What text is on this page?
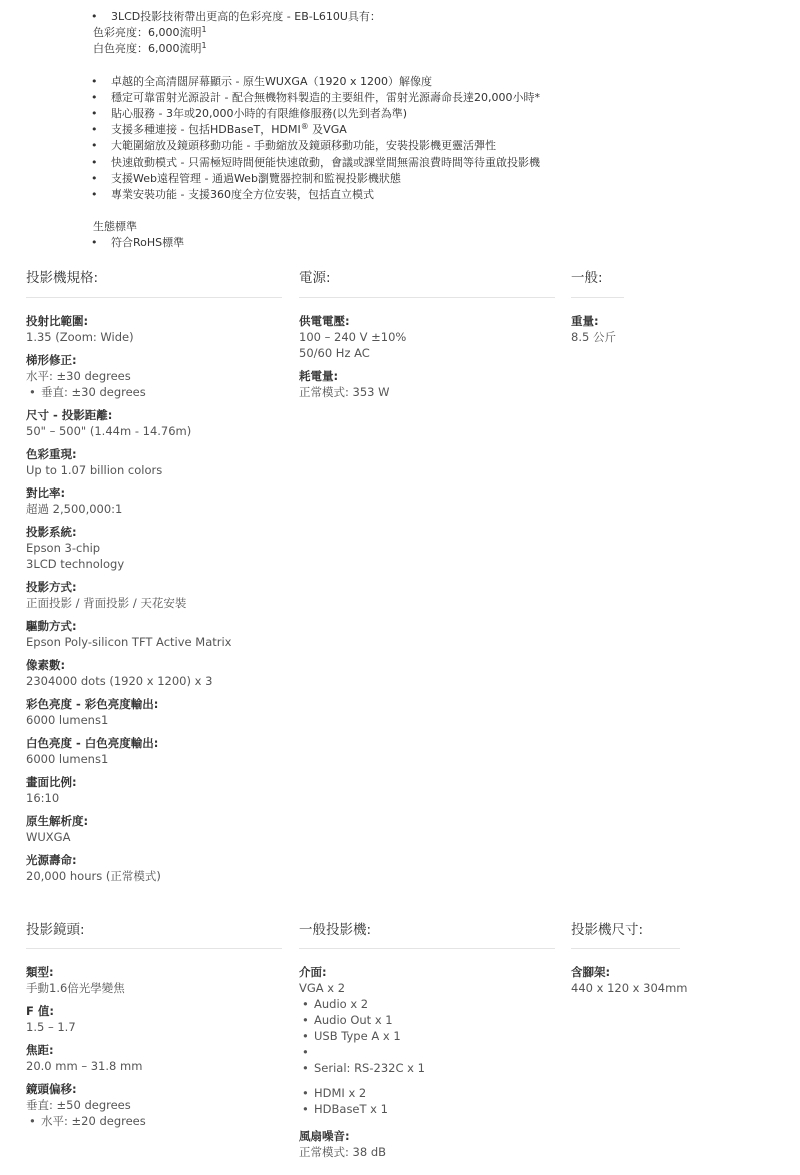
• 3LCD投影技術帶出更高的色彩亮度 - EB-L610U具有：
色彩亮度：6,000流明$^1$
白色亮度：6,000流明$^1$
• 卓越的全高清闊屏幕顯示 - 原生WUXGA（1920 x 1200）解像度
• 穩定可靠雷射光源設計 - 配合無機物料製造的主要組件，雷射光源壽命長達20,000小時*
• 貼心服務 - 3年或20,000小時的有限維修服務(以先到者為準)
• 支援多種連接 - 包括HDBaseT，HDMI® 及VGA
• 大範圍縮放及鏡頭移動功能 - 手動縮放及鏡頭移動功能，安裝投影機更靈活彈性
• 快速啟動模式 - 只需極短時間便能快速啟動，會議或課堂間無需浪費時間等待重啟投影機
• 支援Web遠程管理 - 通過Web瀏覽器控制和監視投影機狀態
• 專業安裝功能 - 支援360度全方位安裝，包括直立模式
生態標準
• 符合RoHS標準
投影機規格:	電源:	一般:
投射比範圍:
1.35 (Zoom: Wide)
梯形修正:
水平: ±30 degrees
• 垂直: ±30 degrees
尺寸 - 投影距離:
50" – 500" (1.44m - 14.76m)
色彩重現:
Up to 1.07 billion colors
對比率:
超過 2,500,000:1
投影系統:
Epson 3-chip
3LCD technology
投影方式:
正面投影 / 背面投影 / 天花安裝
驅動方式:
Epson Poly-silicon TFT Active Matrix
像素數:
2304000 dots (1920 x 1200) x 3
彩色亮度 - 彩色亮度輸出:
6000 lumens1
白色亮度 - 白色亮度輸出:
6000 lumens1
畫面比例:
16:10
原生解析度:
WUXGA
光源壽命:
20,000 hours (正常模式)
供電電壓:
100 – 240 V ±10%
50/60 Hz AC
耗電量:
正常模式: 353 W
重量:
8.5 公斤
投影鏡頭:	一般投影機:	投影機尺寸:
類型:
手動1.6倍光學變焦
F 值:
1.5 – 1.7
焦距:
20.0 mm – 31.8 mm
鏡頭偏移:
垂直: ±50 degrees
• 水平: ±20 degrees
介面:
VGA x 2
• Audio x 2
• Audio Out x 1
• USB Type A x 1
•
• Serial: RS-232C x 1
• HDMI x 2
• HDBaseT x 1
風扇噪音:
正常模式: 38 dB
含腳架:
440 x 120 x 304mm
